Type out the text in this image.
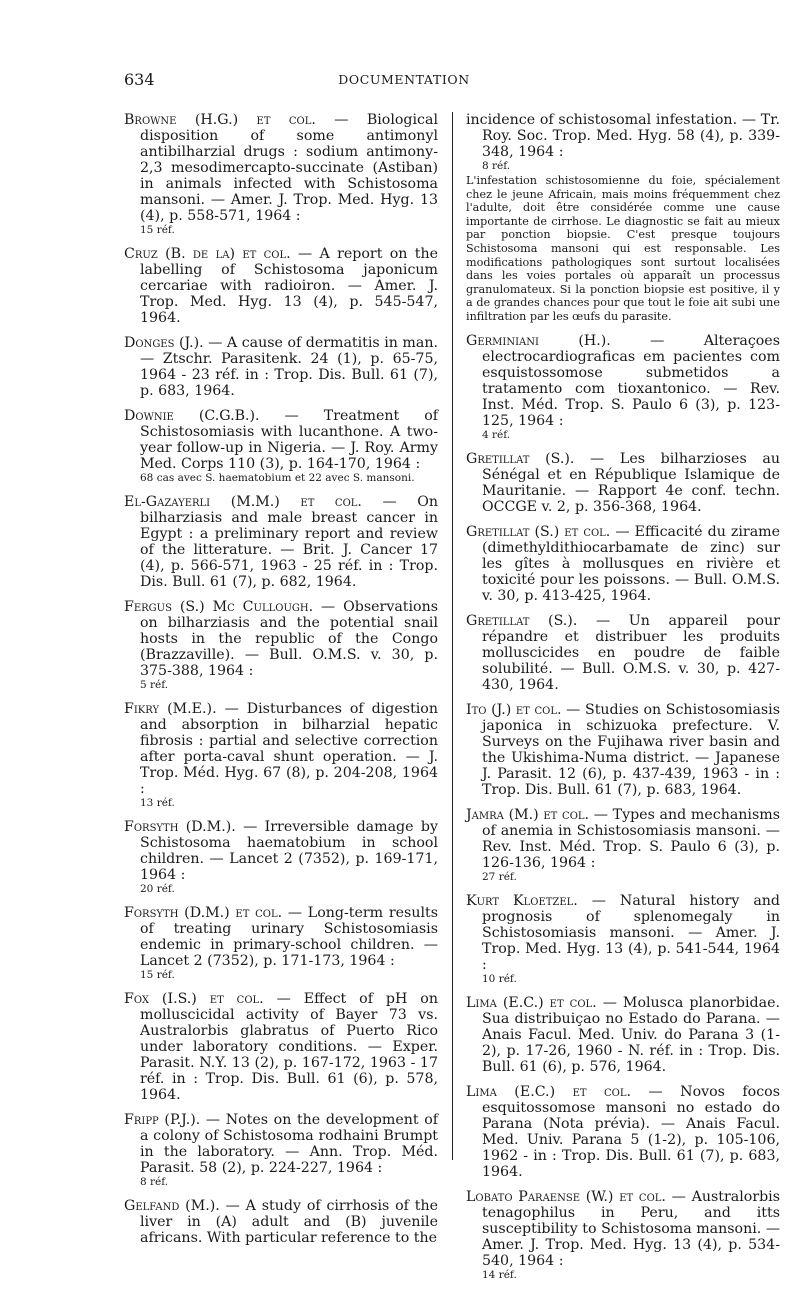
634	DOCUMENTATION

Browne (H.G.) et col. — Biological disposition of some antimonyl antibilharzial drugs : sodium antimony-2,3 mesodimercapto-succinate (Astiban) in animals infected with Schistosoma mansoni. — Amer. J. Trop. Med. Hyg. 13 (4), p. 558-571, 1964 :
15 réf.

Cruz (B. de la) et col. — A report on the labelling of Schistosoma japonicum cercariae with radioiron. — Amer. J. Trop. Med. Hyg. 13 (4), p. 545-547, 1964.

Donges (J.). — A cause of dermatitis in man. — Ztschr. Parasitenk. 24 (1), p. 65-75, 1964 - 23 réf. in : Trop. Dis. Bull. 61 (7), p. 683, 1964.

Downie (C.G.B.). — Treatment of Schistosomiasis with lucanthone. A two-year follow-up in Nigeria. — J. Roy. Army Med. Corps 110 (3), p. 164-170, 1964 :
68 cas avec S. haematobium et 22 avec S. mansoni.

El-Gazayerli (M.M.) et col. — On bilharziasis and male breast cancer in Egypt : a preliminary report and review of the litterature. — Brit. J. Cancer 17 (4), p. 566-571, 1963 - 25 réf. in : Trop. Dis. Bull. 61 (7), p. 682, 1964.

Fergus (S.) Mc Cullough. — Observations on bilharziasis and the potential snail hosts in the republic of the Congo (Brazzaville). — Bull. O.M.S. v. 30, p. 375-388, 1964 :
5 réf.

Fikry (M.E.). — Disturbances of digestion and absorption in bilharzial hepatic fibrosis : partial and selective correction after porta-caval shunt operation. — J. Trop. Méd. Hyg. 67 (8), p. 204-208, 1964 :
13 réf.

Forsyth (D.M.). — Irreversible damage by Schistosoma haematobium in school children. — Lancet 2 (7352), p. 169-171, 1964 :
20 réf.

Forsyth (D.M.) et col. — Long-term results of treating urinary Schistosomiasis endemic in primary-school children. — Lancet 2 (7352), p. 171-173, 1964 :
15 réf.

Fox (I.S.) et col. — Effect of pH on molluscicidal activity of Bayer 73 vs. Australorbis glabratus of Puerto Rico under laboratory conditions. — Exper. Parasit. N.Y. 13 (2), p. 167-172, 1963 - 17 réf. in : Trop. Dis. Bull. 61 (6), p. 578, 1964.

Fripp (P.J.). — Notes on the development of a colony of Schistosoma rodhaini Brumpt in the laboratory. — Ann. Trop. Méd. Parasit. 58 (2), p. 224-227, 1964 :
8 réf.

Gelfand (M.). — A study of cirrhosis of the liver in (A) adult and (B) juvenile africans. With particular reference to the

incidence of schistosomal infestation. — Tr. Roy. Soc. Trop. Med. Hyg. 58 (4), p. 339-348, 1964 :
8 réf.
L'infestation schistosomienne du foie, spécialement chez le jeune Africain, mais moins fréquemment chez l'adulte, doit être considérée comme une cause importante de cirrhose. Le diagnostic se fait au mieux par ponction biopsie. C'est presque toujours Schistosoma mansoni qui est responsable. Les modifications pathologiques sont surtout localisées dans les voies portales où apparaît un processus granulomateux. Si la ponction biopsie est positive, il y a de grandes chances pour que tout le foie ait subi une infiltration par les œufs du parasite.

Germiniani (H.). — Alteraçoes electrocardiograficas em pacientes com esquistossomose submetidos a tratamento com tioxantonico. — Rev. Inst. Méd. Trop. S. Paulo 6 (3), p. 123-125, 1964 :
4 réf.

Gretillat (S.). — Les bilharzioses au Sénégal et en République Islamique de Mauritanie. — Rapport 4e conf. techn. OCCGE v. 2, p. 356-368, 1964.

Gretillat (S.) et col. — Efficacité du zirame (dimethyldithiocarbamate de zinc) sur les gîtes à mollusques en rivière et toxicité pour les poissons. — Bull. O.M.S. v. 30, p. 413-425, 1964.

Gretillat (S.). — Un appareil pour répandre et distribuer les produits molluscicides en poudre de faible solubilité. — Bull. O.M.S. v. 30, p. 427-430, 1964.

Ito (J.) et col. — Studies on Schistosomiasis japonica in schizuoka prefecture. V. Surveys on the Fujihawa river basin and the Ukishima-Numa district. — Japanese J. Parasit. 12 (6), p. 437-439, 1963 - in : Trop. Dis. Bull. 61 (7), p. 683, 1964.

Jamra (M.) et col. — Types and mechanisms of anemia in Schistosomiasis mansoni. — Rev. Inst. Méd. Trop. S. Paulo 6 (3), p. 126-136, 1964 :
27 réf.

Kurt Kloetzel. — Natural history and prognosis of splenomegaly in Schistosomiasis mansoni. — Amer. J. Trop. Med. Hyg. 13 (4), p. 541-544, 1964 :
10 réf.

Lima (E.C.) et col. — Molusca planorbidae. Sua distribuiçao no Estado do Parana. — Anais Facul. Med. Univ. do Parana 3 (1-2), p. 17-26, 1960 - N. réf. in : Trop. Dis. Bull. 61 (6), p. 576, 1964.

Lima (E.C.) et col. — Novos focos esquitossomose mansoni no estado do Parana (Nota prévia). — Anais Facul. Med. Univ. Parana 5 (1-2), p. 105-106, 1962 - in : Trop. Dis. Bull. 61 (7), p. 683, 1964.

Lobato Paraense (W.) et col. — Australorbis tenagophilus in Peru, and itts susceptibility to Schistosoma mansoni. — Amer. J. Trop. Med. Hyg. 13 (4), p. 534-540, 1964 :
14 réf.
